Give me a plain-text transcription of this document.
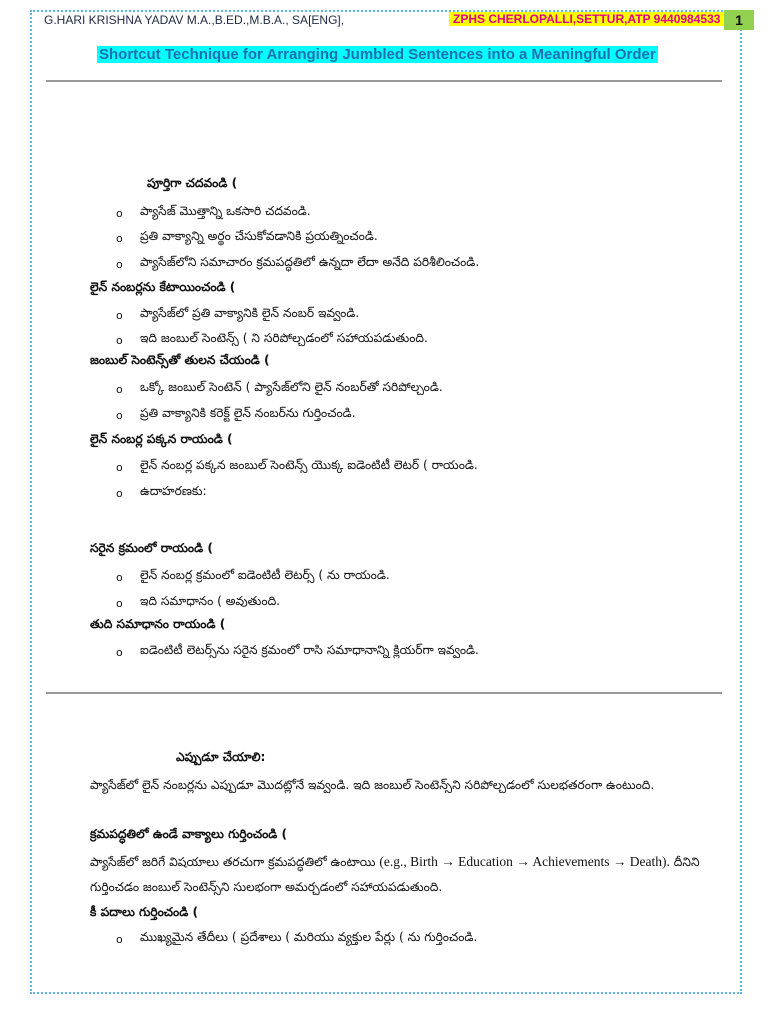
G.HARI KRISHNA YADAV M.A.,B.ED.,M.B.A., SA[ENG],	ZPHS CHERLOPALLI,SETTUR,ATP 9440984533	1
Shortcut Technique for Arranging Jumbled Sentences into a Meaningful Order
పూర్తిగా చదవండి (
o ప్యాసేజ్ మొత్తాన్ని ఒకసారి చదవండి.
o ప్రతి వాక్యాన్ని అర్థం చేసుకోవడానికి ప్రయత్నించండి.
o ప్యాసేజ్‌లోని సమాచారం క్రమపద్ధతిలో ఉన్నదా లేదా అనేది పరిశీలించండి.
లైన్ నంబర్లను కేటాయించండి (
o ప్యాసేజ్‌లో ప్రతి వాక్యానికి లైన్ నంబర్ ఇవ్వండి.
o ఇది జంబుల్ సెంటెన్స్ ( ని సరిపోల్చడంలో సహాయపడుతుంది.
జంబుల్ సెంటెన్స్‌తో తులన చేయండి (
o ఒక్కో జంబుల్ సెంటెన్ ( ప్యాసేజ్‌లోని లైన్ నంబర్‌తో సరిపోల్చండి.
o ప్రతి వాక్యానికి కరెక్ట్ లైన్ నంబర్‌ను గుర్తించండి.
లైన్ నంబర్ల పక్కన రాయండి (
o లైన్ నంబర్ల పక్కన జంబుల్ సెంటెన్స్ యొక్క ఐడెంటిటీ లెటర్ ( రాయండి.
o ఉదాహరణకు:
సరైన క్రమంలో రాయండి (
o లైన్ నంబర్ల క్రమంలో ఐడెంటిటీ లెటర్స్ ( ను రాయండి.
o ఇది సమాధానం ( అవుతుంది.
తుది సమాధానం రాయండి (
o ఐడెంటిటీ లెటర్స్‌ను సరైన క్రమంలో రాసి సమాధానాన్ని క్లియర్‌గా ఇవ్వండి.
ఎప్పుడూ చేయాలి:
ప్యాసేజ్‌లో లైన్ నంబర్లను ఎప్పుడూ మొదట్లోనే ఇవ్వండి. ఇది జంబుల్ సెంటెన్స్‌ని సరిపోల్చడంలో సులభతరంగా ఉంటుంది.
క్రమపద్ధతిలో ఉండే వాక్యాలు గుర్తించండి (
ప్యాసేజ్‌లో జరిగే విషయాలు తరచుగా క్రమపద్ధతిలో ఉంటాయి (e.g., Birth → Education → Achievements → Death). దీనిని గుర్తించడం జంబుల్ సెంటెన్స్‌ని సులభంగా అమర్చడంలో సహాయపడుతుంది.
కీ పదాలు గుర్తించండి (
o ముఖ్యమైన తేదీలు ( ప్రదేశాలు ( మరియు వ్యక్తుల పేర్లు ( ను గుర్తించండి.
